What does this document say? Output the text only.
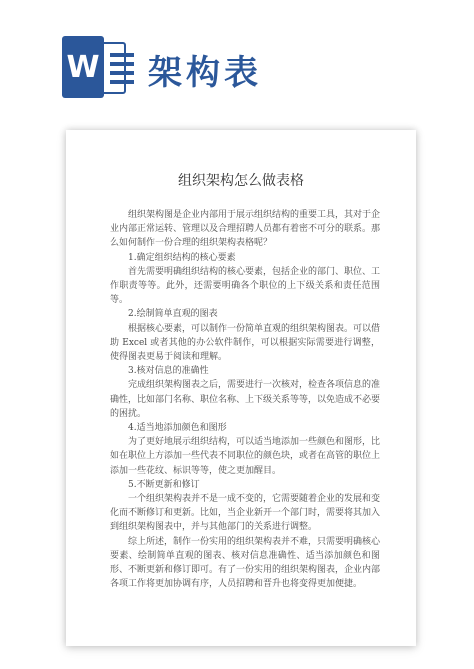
W 架构表
组织架构怎么做表格

组织架构图是企业内部用于展示组织结构的重要工具，其对于企业内部正常运转、管理以及合理招聘人员都有着密不可分的联系。那么如何制作一份合理的组织架构表格呢？

1.确定组织结构的核心要素

首先需要明确组织结构的核心要素，包括企业的部门、职位、工作职责等等。此外，还需要明确各个职位的上下级关系和责任范围等。

2.绘制简单直观的图表

根据核心要素，可以制作一份简单直观的组织架构图表。可以借助 Excel 或者其他的办公软件制作，可以根据实际需要进行调整，使得图表更易于阅读和理解。

3.核对信息的准确性

完成组织架构图表之后，需要进行一次核对，检查各项信息的准确性，比如部门名称、职位名称、上下级关系等等，以免造成不必要的困扰。

4.适当地添加颜色和图形

为了更好地展示组织结构，可以适当地添加一些颜色和图形，比如在职位上方添加一些代表不同职位的颜色块，或者在高管的职位上添加一些花纹、标识等等，使之更加醒目。

5.不断更新和修订

一个组织架构表并不是一成不变的，它需要随着企业的发展和变化而不断修订和更新。比如，当企业新开一个部门时，需要将其加入到组织架构图表中，并与其他部门的关系进行调整。

综上所述，制作一份实用的组织架构表并不难，只需要明确核心要素、绘制简单直观的图表、核对信息准确性、适当添加颜色和图形、不断更新和修订即可。有了一份实用的组织架构图表，企业内部各项工作将更加协调有序，人员招聘和晋升也将变得更加便捷。
